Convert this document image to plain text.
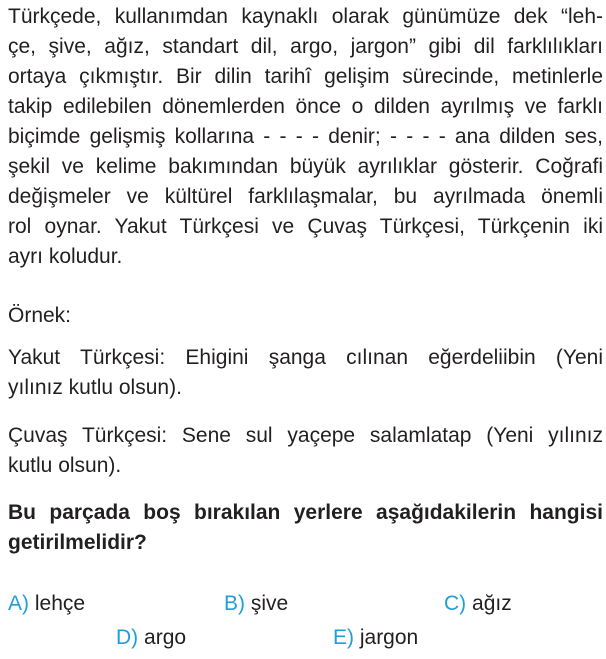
Türkçede, kullanımdan kaynaklı olarak günümüze dek “leh-
çe, şive, ağız, standart dil, argo, jargon” gibi dil farklılıkları
ortaya çıkmıştır. Bir dilin tarihî gelişim sürecinde, metinlerle
takip edilebilen dönemlerden önce o dilden ayrılmış ve farklı
biçimde gelişmiş kollarına - - - - denir; - - - - ana dilden ses,
şekil ve kelime bakımından büyük ayrılıklar gösterir. Coğrafi
değişmeler ve kültürel farklılaşmalar, bu ayrılmada önemli
rol oynar. Yakut Türkçesi ve Çuvaş Türkçesi, Türkçenin iki
ayrı koludur.
Örnek:
Yakut Türkçesi: Ehigini şanga cılınan eğerdeliibin (Yeni
yılınız kutlu olsun).
Çuvaş Türkçesi: Sene sul yaçepe salamlatap (Yeni yılınız
kutlu olsun).
Bu parçada boş bırakılan yerlere aşağıdakilerin hangisi
getirilmelidir?
A) lehçe	B) şive	C) ağız
D) argo	E) jargon
